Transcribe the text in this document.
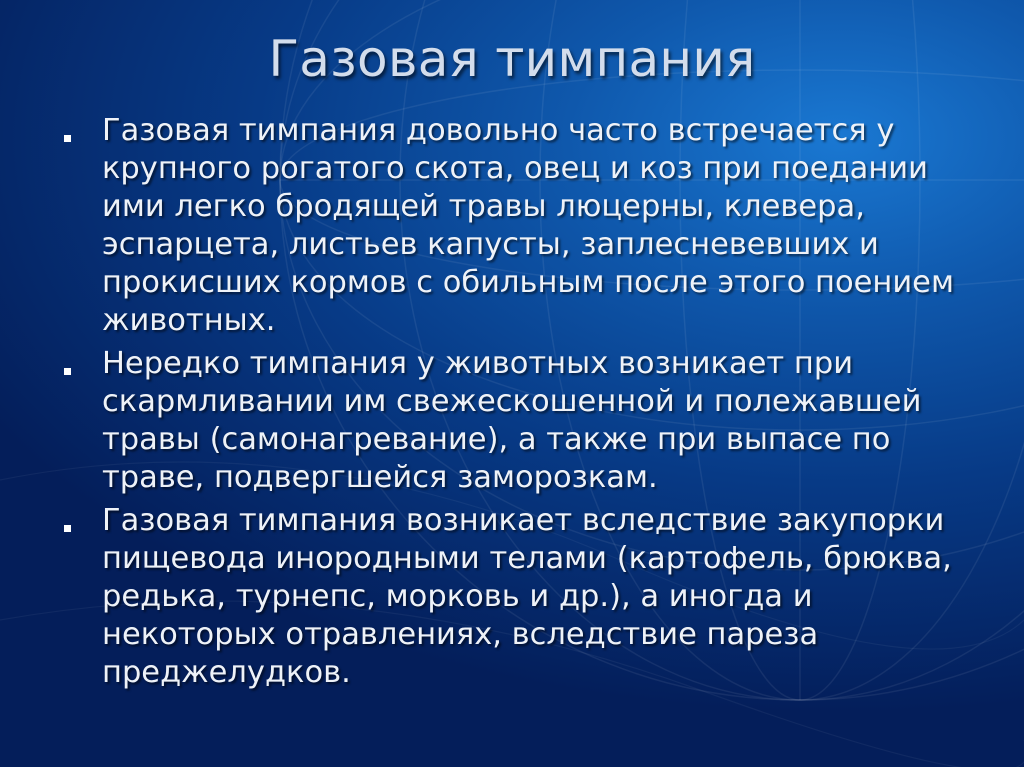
Газовая тимпания
Газовая тимпания довольно часто встречается у крупного рогатого скота, овец и коз при поедании ими легко бродящей травы люцерны, клевера, эспарцета, листьев капусты, заплесневевших и прокисших кормов с обильным после этого поением животных.
Нередко тимпания у животных возникает при скармливании им свежескошенной и полежавшей травы (самонагревание), а также при выпасе по траве, подвергшейся заморозкам.
Газовая тимпания возникает вследствие закупорки пищевода инородными телами (картофель, брюква, редька, турнепс, морковь и др.), а иногда и некоторых отравлениях, вследствие пареза преджелудков.
